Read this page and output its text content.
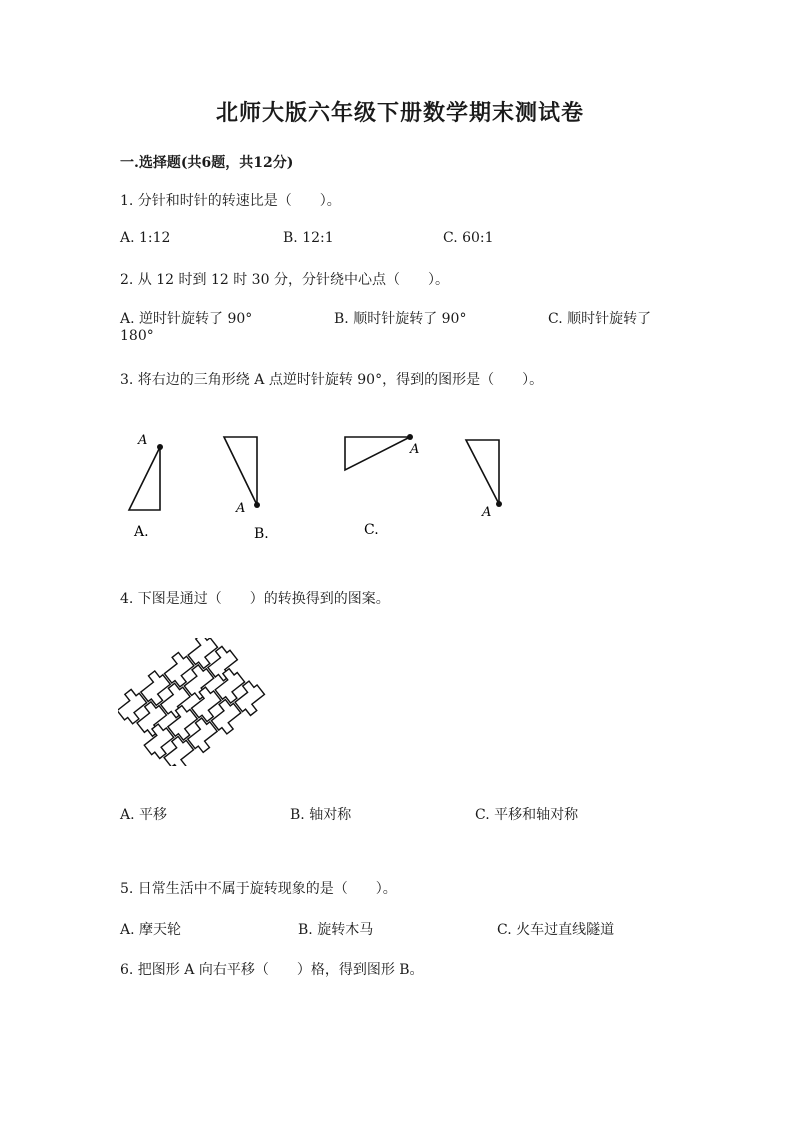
北师大版六年级下册数学期末测试卷
一.选择题(共6题，共12分)
1. 分针和时针的转速比是（　　）。
A. 1:12	B. 12:1	C. 60:1
2. 从 12 时到 12 时 30 分，分针绕中心点（　　）。
A. 逆时针旋转了 90°	B. 顺时针旋转了 90°	C. 顺时针旋转了
180°
3. 将右边的三角形绕 A 点逆时针旋转 90°，得到的图形是（　　）。
A
A.
A
B.
A
C.
A
4. 下图是通过（　　）的转换得到的图案。
A. 平移	B. 轴对称	C. 平移和轴对称
5. 日常生活中不属于旋转现象的是（　　）。
A. 摩天轮	B. 旋转木马	C. 火车过直线隧道
6. 把图形 A 向右平移（　　）格，得到图形 B。
